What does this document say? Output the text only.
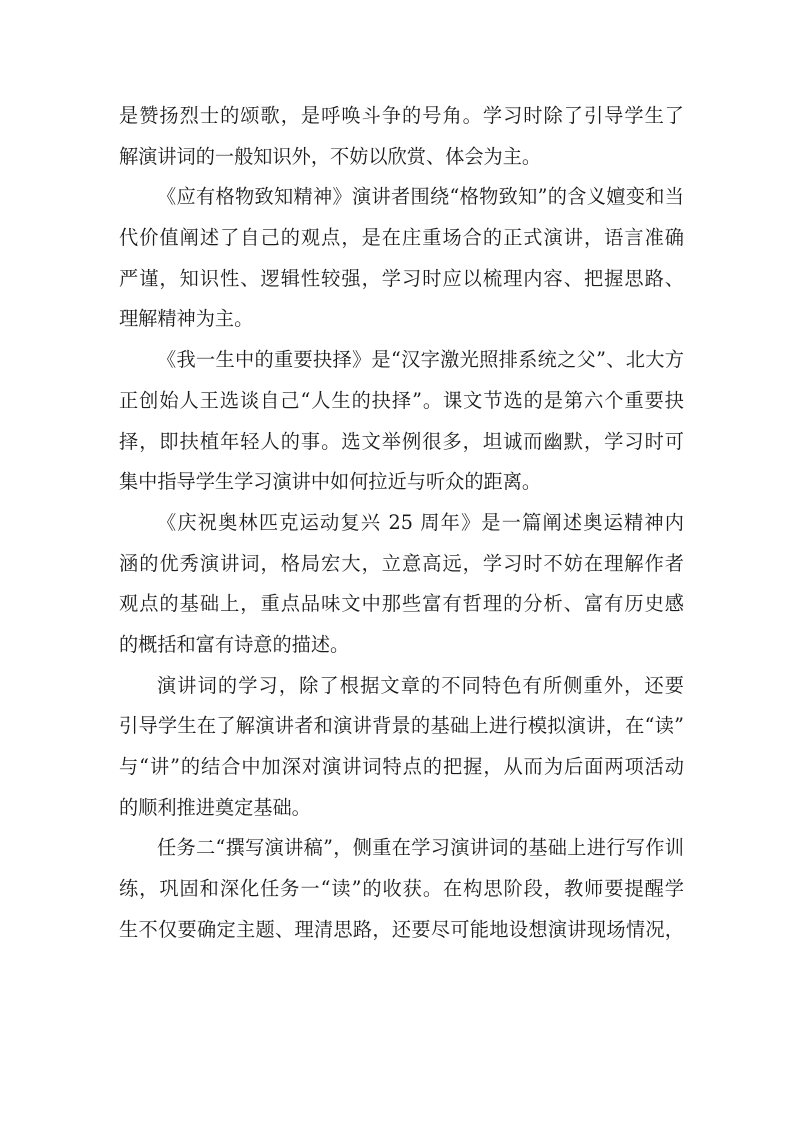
是赞扬烈士的颂歌，是呼唤斗争的号角。学习时除了引导学生了
解演讲词的一般知识外，不妨以欣赏、体会为主。
《应有格物致知精神》演讲者围绕“格物致知”的含义嬗变和当
代价值阐述了自己的观点，是在庄重场合的正式演讲，语言准确
严谨，知识性、逻辑性较强，学习时应以梳理内容、把握思路、
理解精神为主。
《我一生中的重要抉择》是“汉字激光照排系统之父”、北大方
正创始人王选谈自己“人生的抉择”。课文节选的是第六个重要抉
择，即扶植年轻人的事。选文举例很多，坦诚而幽默，学习时可
集中指导学生学习演讲中如何拉近与听众的距离。
《庆祝奥林匹克运动复兴 25 周年》是一篇阐述奥运精神内
涵的优秀演讲词，格局宏大，立意高远，学习时不妨在理解作者
观点的基础上，重点品味文中那些富有哲理的分析、富有历史感
的概括和富有诗意的描述。
演讲词的学习，除了根据文章的不同特色有所侧重外，还要
引导学生在了解演讲者和演讲背景的基础上进行模拟演讲，在“读”
与“讲”的结合中加深对演讲词特点的把握，从而为后面两项活动
的顺利推进奠定基础。
任务二“撰写演讲稿”，侧重在学习演讲词的基础上进行写作训
练，巩固和深化任务一“读”的收获。在构思阶段，教师要提醒学
生不仅要确定主题、理清思路，还要尽可能地设想演讲现场情况，
